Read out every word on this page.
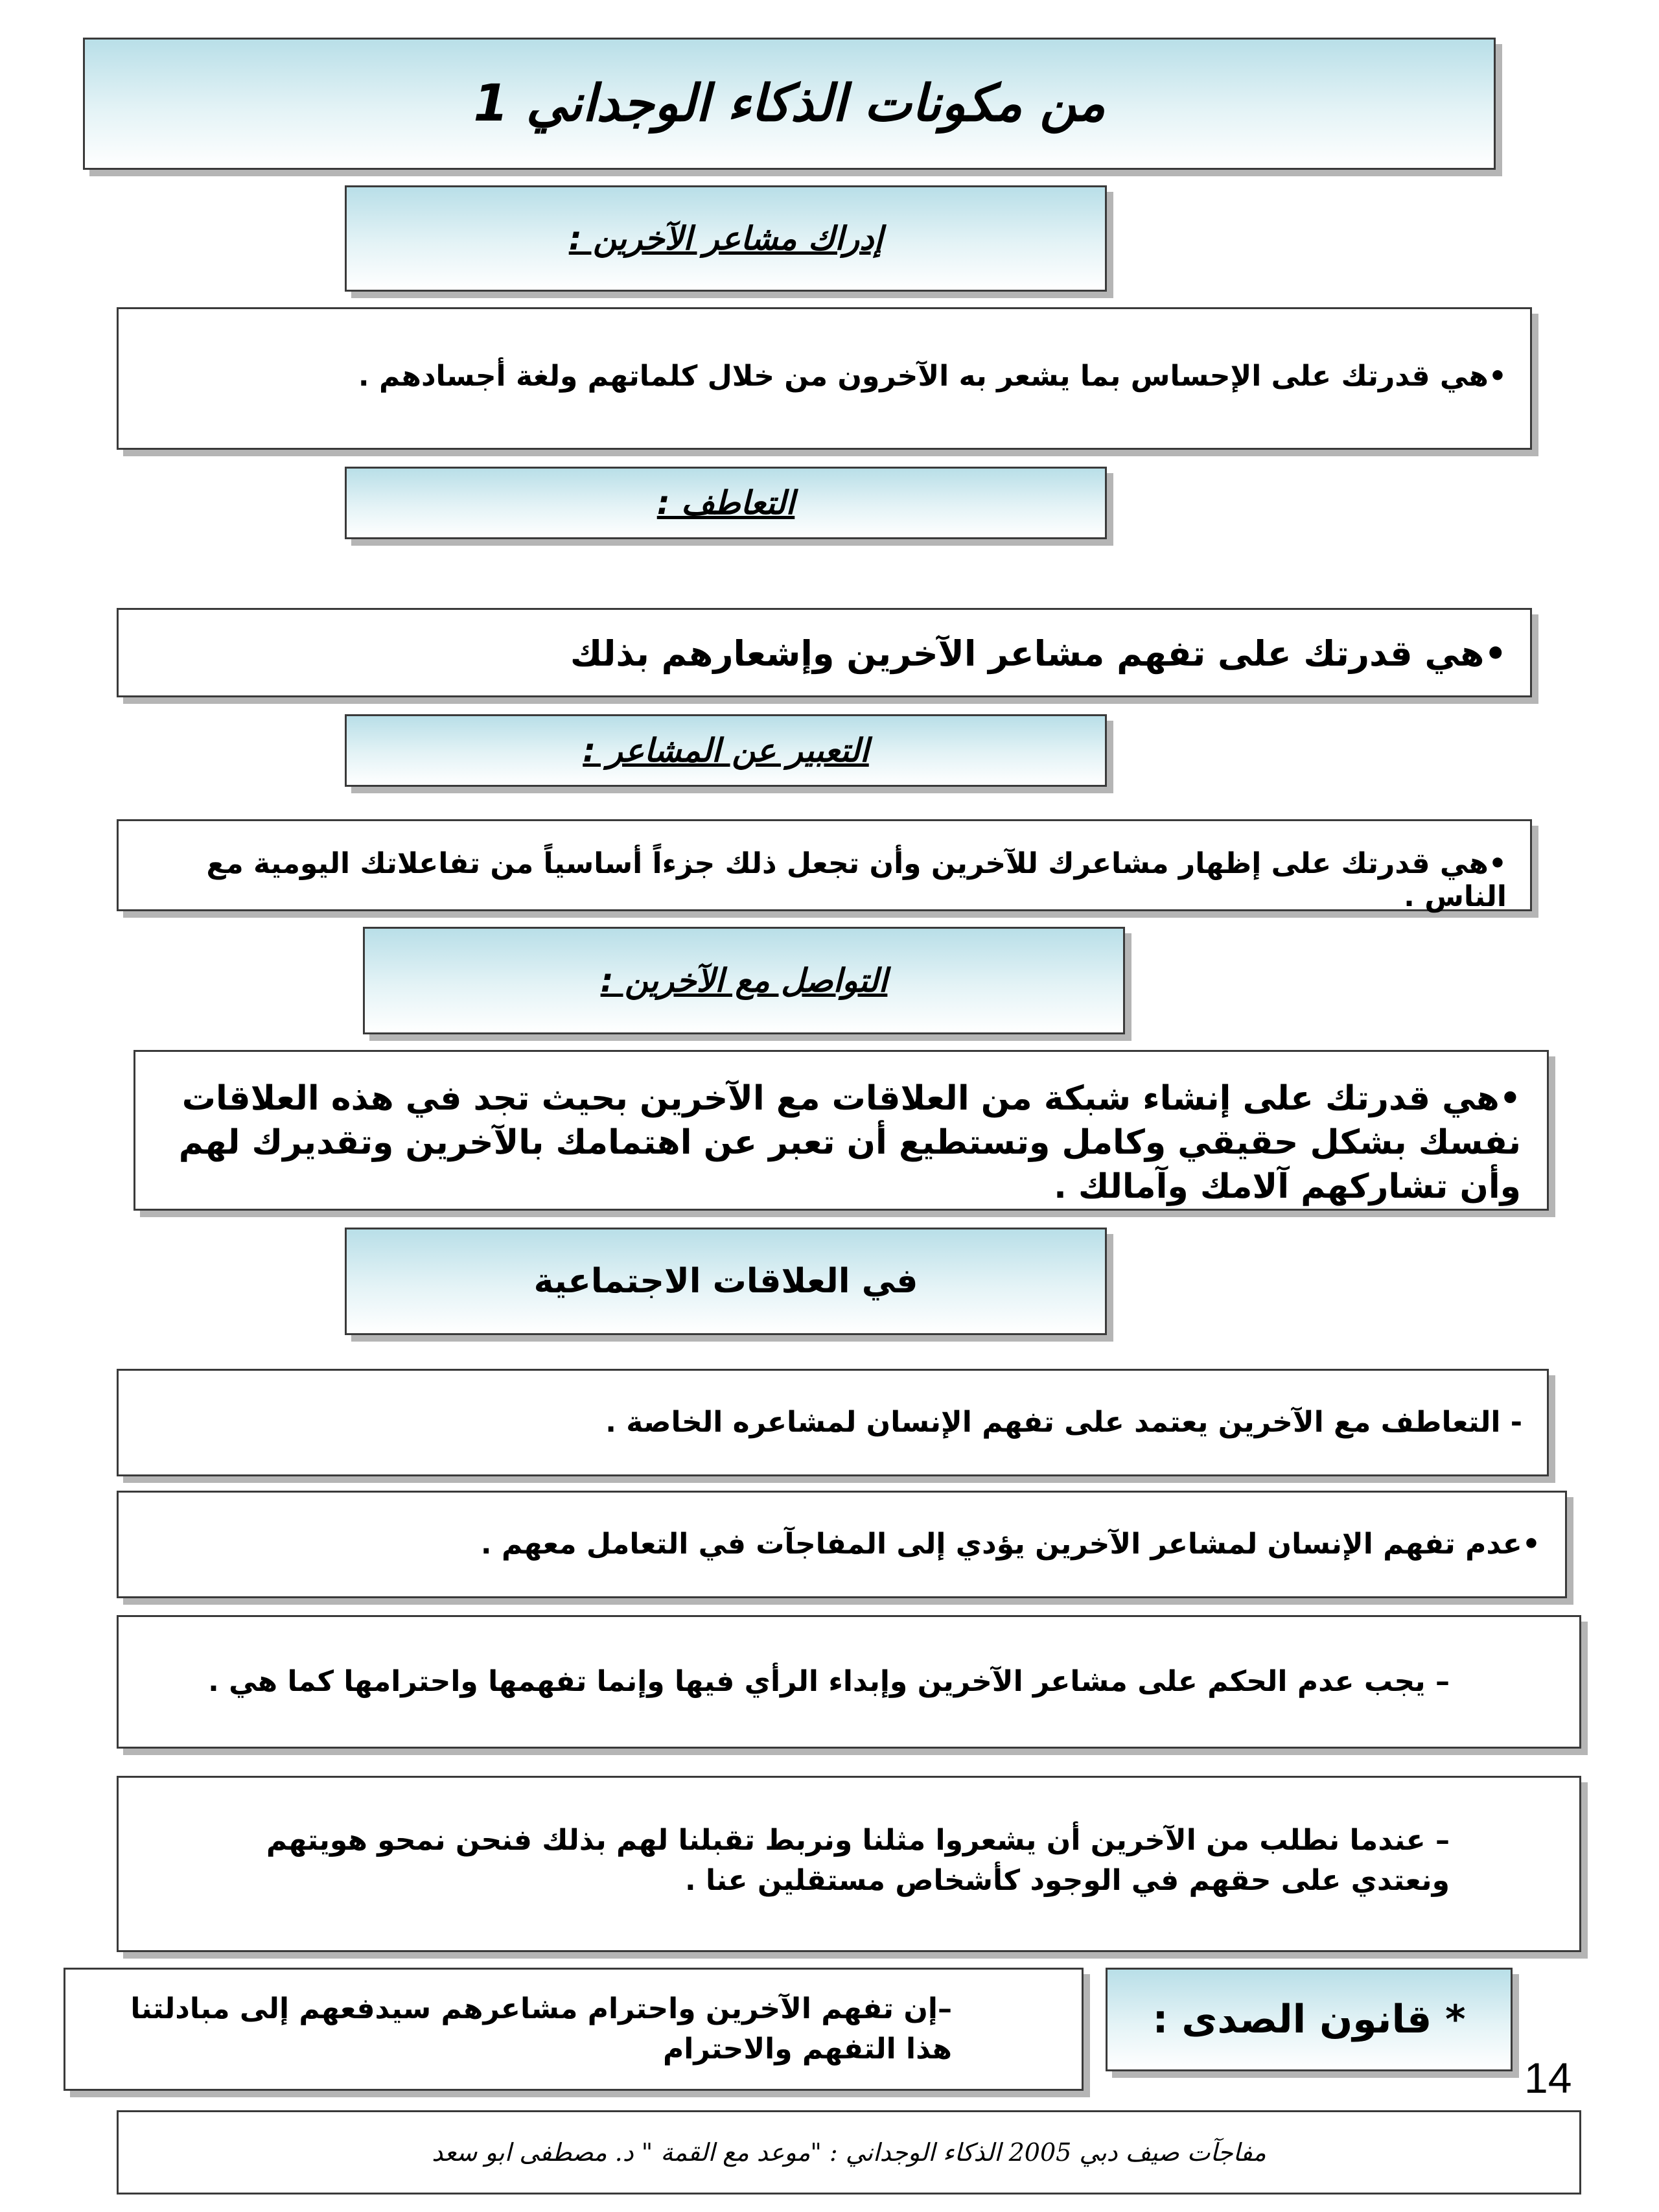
من مكونات الذكاء الوجداني 1
إدراك مشاعر الآخرين :
•هي قدرتك على الإحساس بما يشعر به الآخرون من خلال كلماتهم ولغة أجسادهم .
التعاطف :
•هي قدرتك على تفهم مشاعر الآخرين وإشعارهم بذلك
التعبير عن المشاعر :
•هي قدرتك على إظهار مشاعرك للآخرين وأن تجعل ذلك جزءاً أساسياً من تفاعلاتك اليومية مع الناس .
التواصل مع الآخرين :
•هي قدرتك على إنشاء شبكة من العلاقات مع الآخرين بحيث تجد في هذه العلاقات نفسك بشكل حقيقي وكامل وتستطيع أن تعبر عن اهتمامك بالآخرين وتقديرك لهم وأن تشاركهم آلامك وآمالك .
في العلاقات الاجتماعية
- التعاطف مع الآخرين يعتمد على تفهم الإنسان لمشاعره الخاصة .
•عدم تفهم الإنسان لمشاعر الآخرين يؤدي إلى المفاجآت في التعامل معهم .
– يجب عدم الحكم على مشاعر الآخرين وإبداء الرأي فيها وإنما تفهمها واحترامها كما هي .
– عندما نطلب من الآخرين أن يشعروا مثلنا ونربط تقبلنا لهم بذلك فنحن نمحو هويتهم ونعتدي على حقهم في الوجود كأشخاص مستقلين عنا .
–إن تفهم الآخرين واحترام مشاعرهم سيدفعهم إلى مبادلتنا هذا التفهم والاحترام
* قانون الصدى :
14
مفاجآت صيف دبي 2005 الذكاء الوجداني : "موعد مع القمة " د. مصطفى ابو سعد
